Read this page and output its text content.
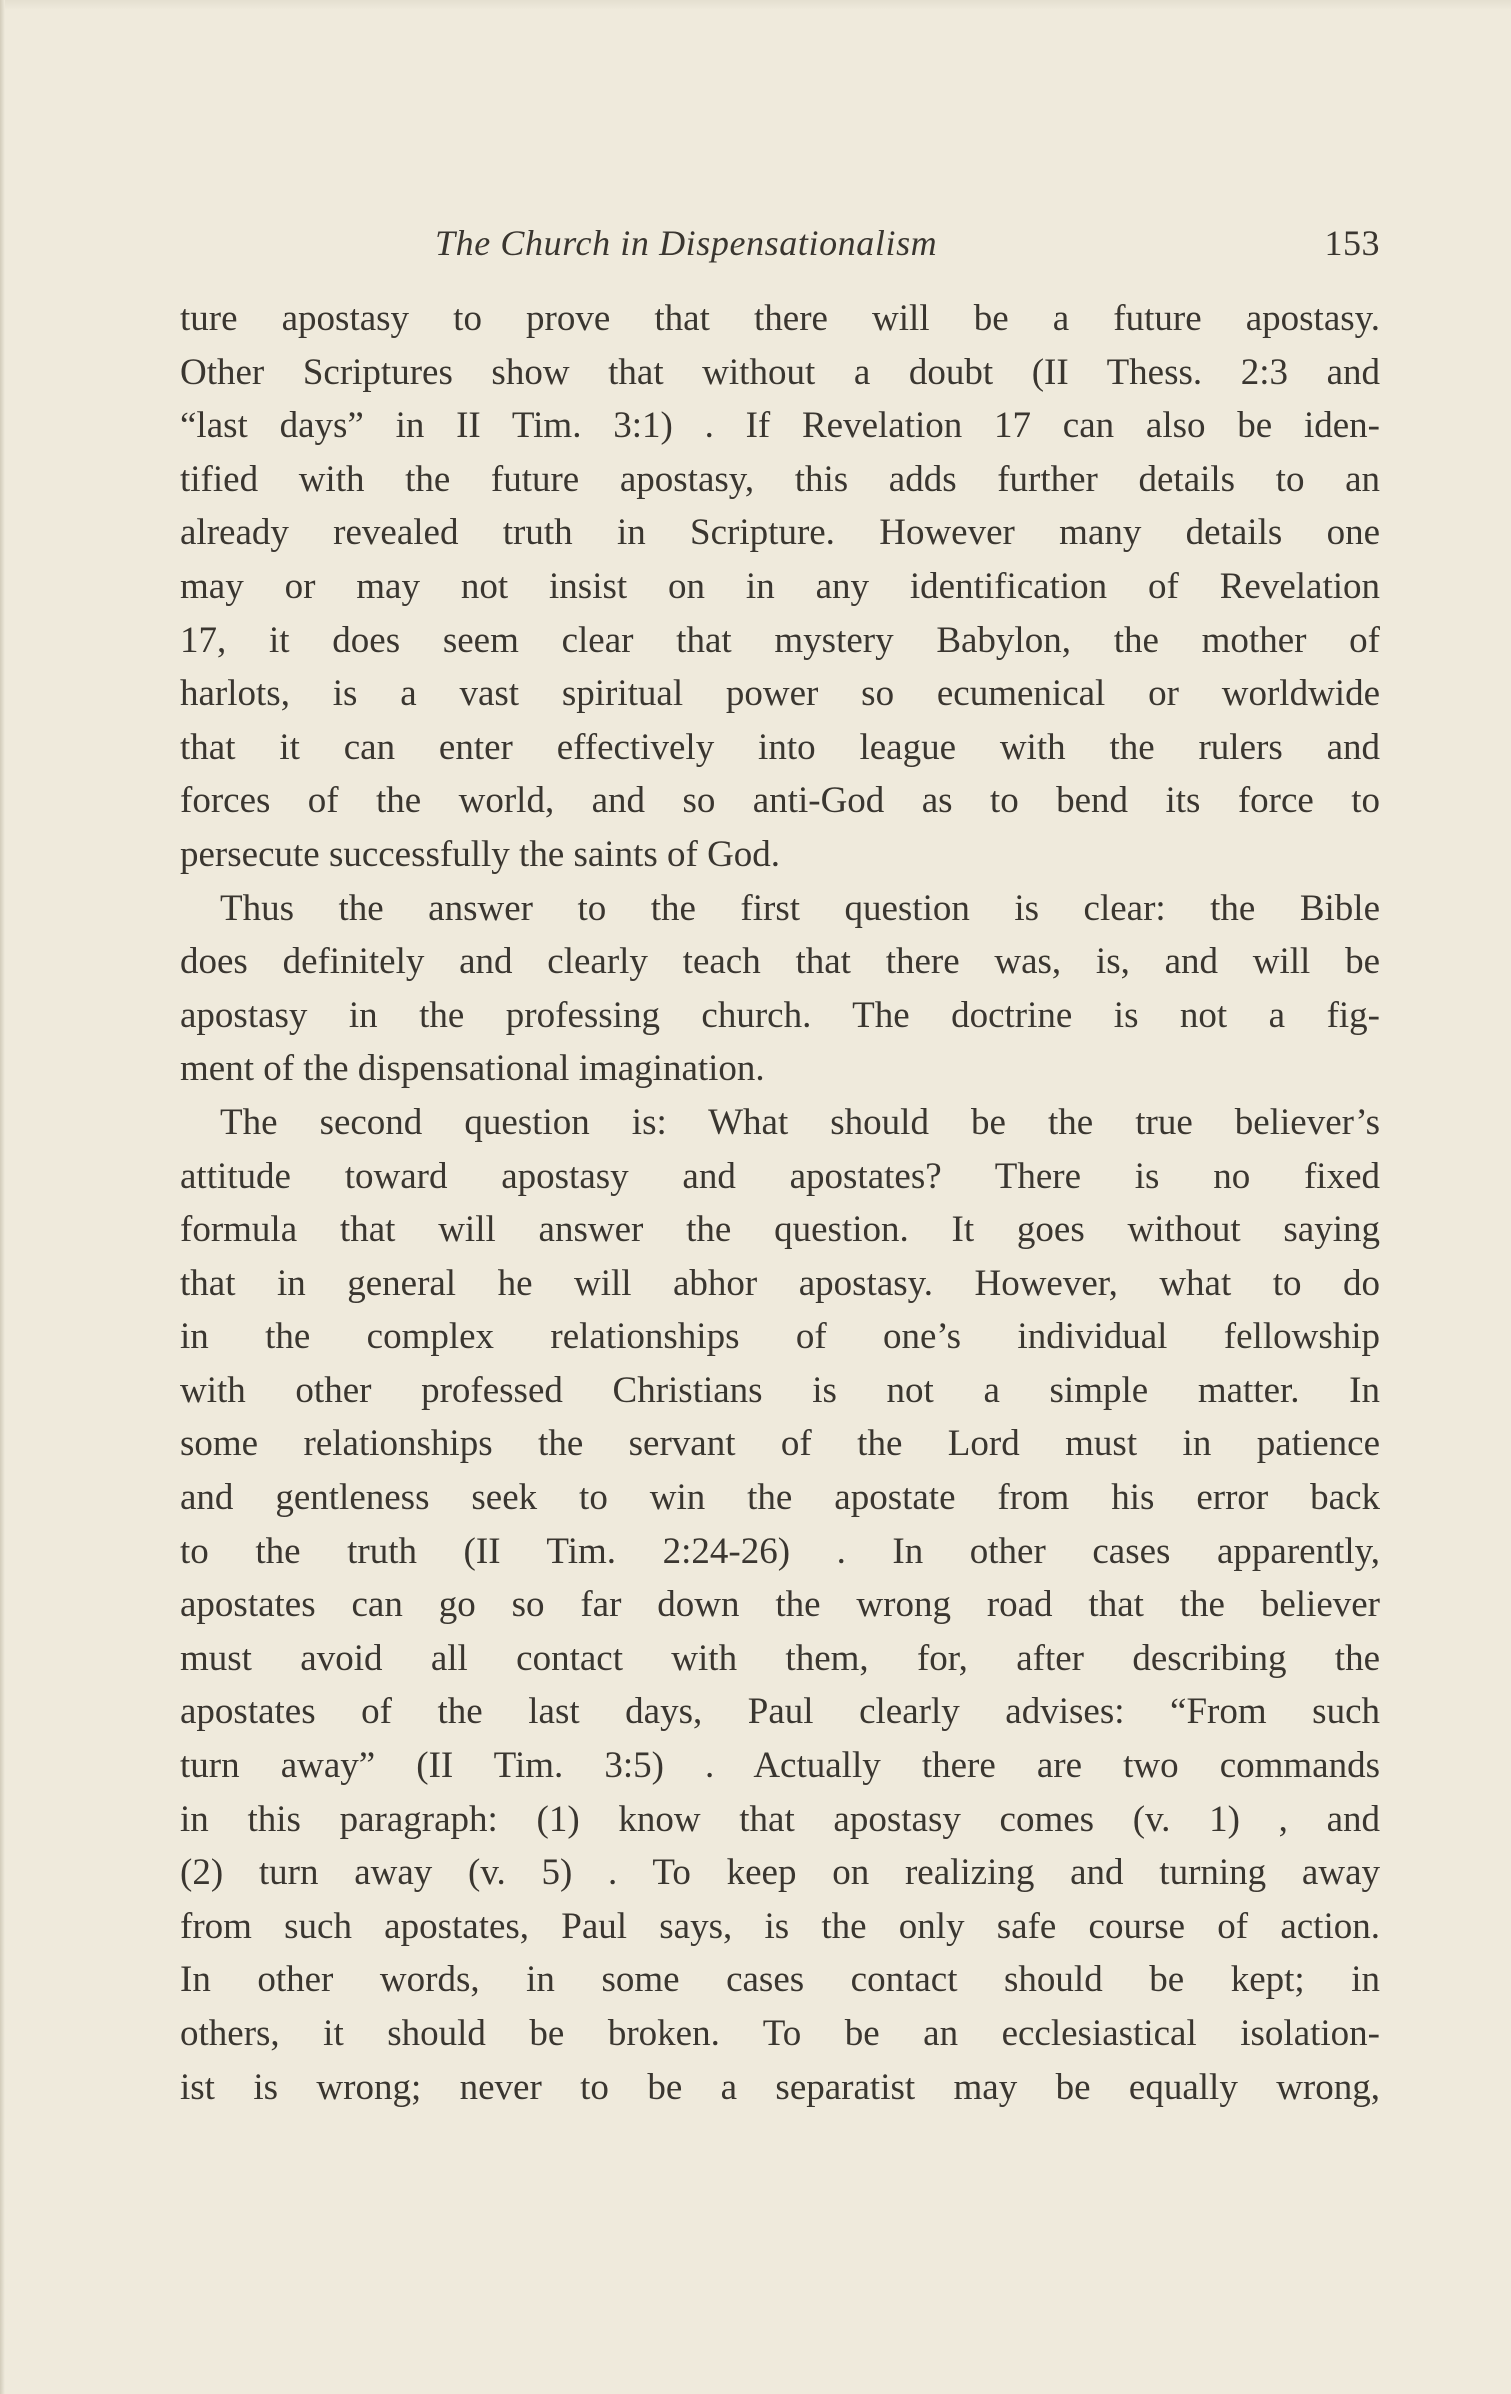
The Church in Dispensationalism	153
ture apostasy to prove that there will be a future apostasy.
Other Scriptures show that without a doubt (II Thess. 2:3 and
“last days” in II Tim. 3:1) . If Revelation 17 can also be iden-
tified with the future apostasy, this adds further details to an
already revealed truth in Scripture. However many details one
may or may not insist on in any identification of Revelation
17, it does seem clear that mystery Babylon, the mother of
harlots, is a vast spiritual power so ecumenical or worldwide
that it can enter effectively into league with the rulers and
forces of the world, and so anti-God as to bend its force to
persecute successfully the saints of God.
Thus the answer to the first question is clear: the Bible
does definitely and clearly teach that there was, is, and will be
apostasy in the professing church. The doctrine is not a fig-
ment of the dispensational imagination.
The second question is: What should be the true believer’s
attitude toward apostasy and apostates? There is no fixed
formula that will answer the question. It goes without saying
that in general he will abhor apostasy. However, what to do
in the complex relationships of one’s individual fellowship
with other professed Christians is not a simple matter. In
some relationships the servant of the Lord must in patience
and gentleness seek to win the apostate from his error back
to the truth (II Tim. 2:24-26) . In other cases apparently,
apostates can go so far down the wrong road that the believer
must avoid all contact with them, for, after describing the
apostates of the last days, Paul clearly advises: “From such
turn away” (II Tim. 3:5) . Actually there are two commands
in this paragraph: (1) know that apostasy comes (v. 1) , and
(2) turn away (v. 5) . To keep on realizing and turning away
from such apostates, Paul says, is the only safe course of action.
In other words, in some cases contact should be kept; in
others, it should be broken. To be an ecclesiastical isolation-
ist is wrong; never to be a separatist may be equally wrong,
